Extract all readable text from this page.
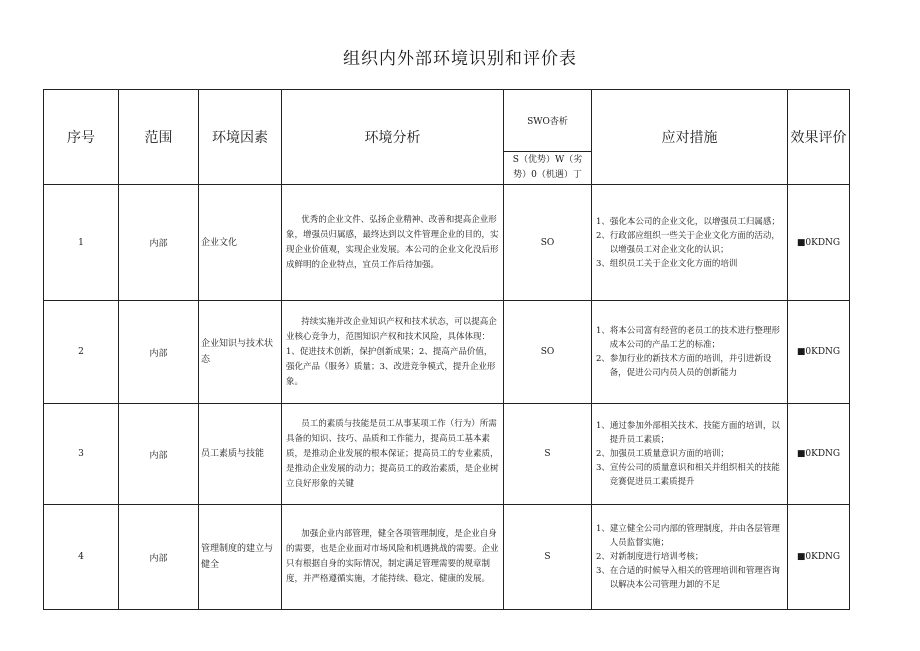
组织内外部环境识别和评价表
序号	范围	环境因素	环境分析	SWO杳析	应对措施	效果评价

				S（优势）W（劣
势）0（机遇）丁		

1	内部	企业文化	优秀的企业文件、弘扬企业精神、改善和提高企业形象，增强员归属感，最终达到以文件管理企业的目的，实现企业价值观，实现企业发展。本公司的企业文化没后形成鲜明的企业特点，宜员工作后待加强。	SO	1、强化本公司的企业文化，以增强员工归属感；
2、行政部应组织一些关于企业文化方面的活动，以增强员工对企业文化的认识；
3、组织员工关于企业文化方面的培训	■0KDNG
2	内部	企业知识与技术状态	持续实施并改企业知识产权和技术状态，可以提高企业核心竞争力，范围知识产权和技术风险，具体体现：1、促进技术创新，保护创新成果；2、提高产品价值，强化产品（服务）质量；3、改进竞争模式，提升企业形象。	SO	1、将本公司富有经营的老员工的技术进行整理形成本公司的产品工艺的标准；
2、参加行业的新技术方面的培训，并引进新设备，促进公司内员人员的创新能力	■0KDNG
3	内部	员工素质与技能	员工的素质与技能是员工从事某项工作（行为）所需具备的知识、技巧、品质和工作能力，提高员工基本素质，是推动企业发展的根本保证；提高员工的专业素质，是推动企业发展的动力；提高员工的政治素质，是企业树立良好形象的关键	S	1、通过参加外部相关技术、技能方面的培训，以提升员工素质；
2、加强员工质量意识方面的培训；
3、宣传公司的质量意识和相关并组织相关的技能竞赛促进员工素质提升	■0KDNG
4	内部	管理制度的建立与健全	加强企业内部管理，健全各项管理制度，是企业自身的需要，也是企业面对市场风险和机遇挑战的需要。企业只有根据自身的实际情况，制定满足管理需要的规章制度，并严格遵循实施，才能持续、稳定、健康的发展。	S	1、建立健全公司内部的管理制度，并由各层管理人员监督实施；
2、对新制度进行培训考核；
3、在合适的时候导入相关的管理培训和管理咨询以解决本公司管理力卸的不足	■0KDNG
